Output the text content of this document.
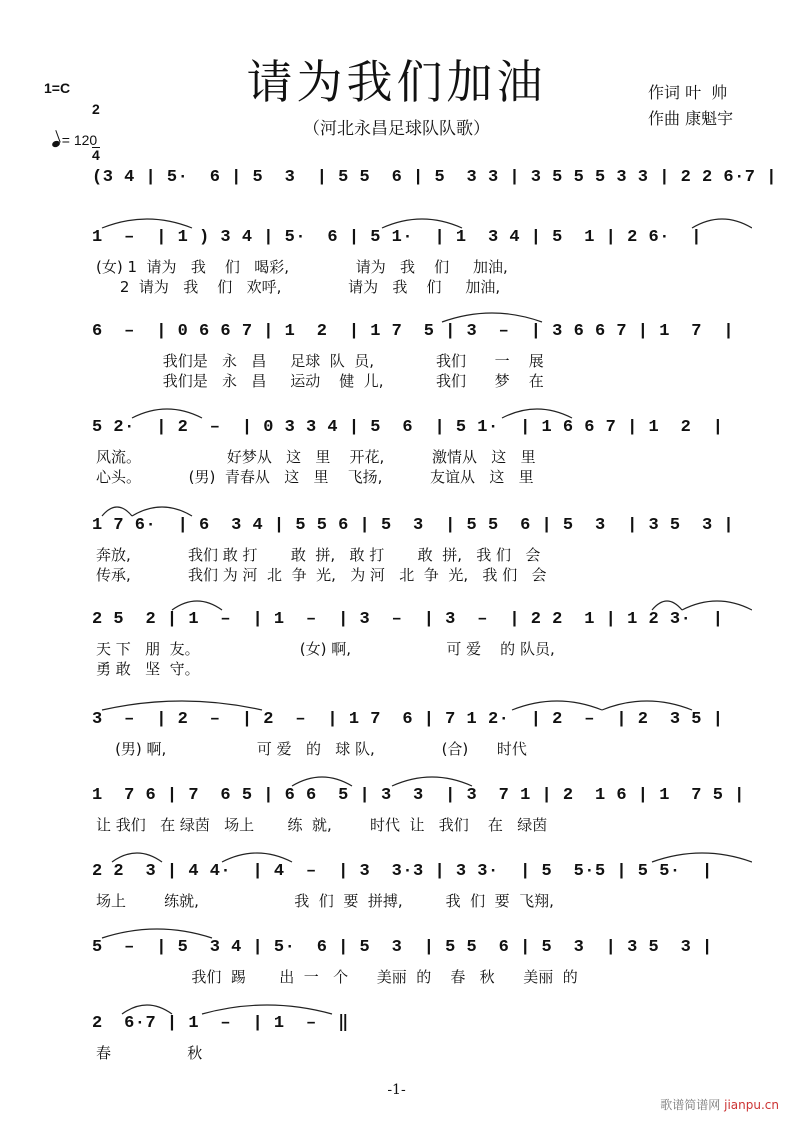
请为我们加油
（河北永昌足球队队歌）
1=C

2

4

= 120

作词 叶  帅
作曲 康魁宇
(3 4 | 5·  6 | 5  3  | 5 5  6 | 5  3 3 | 3 5 5 5 3 3 | 2 2 6·7 |
1  –  | 1 ) 3 4 | 5·  6 | 5 1·  | 1  3 4 | 5  1 | 2 6·  |
(女) 1  请为   我    们   喝彩,              请为   我    们     加油,
2  请为   我    们   欢呼,              请为   我    们     加油,
6  –  | 0 6 6 7 | 1  2  | 1 7  5 | 3  –  | 3 6 6 7 | 1  7  |
我们是   永   昌     足球  队  员,             我们      一    展
我们是   永   昌     运动    健  儿,           我们      梦    在
5 2·  | 2  –  | 0 3 3 4 | 5  6  | 5 1·  | 1 6 6 7 | 1  2  |
风流。                  好梦从   这   里    开花,          激情从   这   里
心头。          (男)  青春从   这   里    飞扬,          友谊从   这   里
1 7 6·  | 6  3 4 | 5 5 6 | 5  3  | 5 5  6 | 5  3  | 3 5  3 |
奔放,            我们 敢 打       敢  拼,   敢 打       敢  拼,   我 们   会
传承,            我们 为 河  北  争  光,   为 河   北  争  光,   我 们   会
2 5  2 | 1  –  | 1  –  | 3  –  | 3  –  | 2 2  1 | 1 2 3·  |
天 下   朋  友。                     (女) 啊,                    可 爱    的 队员,
勇 敢   坚  守。
3  –  | 2  –  | 2  –  | 1 7  6 | 7 1 2·  | 2  –  | 2  3 5 |
(男) 啊,                   可 爱   的   球 队,              (合)      时代
1  7 6 | 7  6 5 | 6 6  5 | 3  3  | 3  7 1 | 2  1 6 | 1  7 5 |
让 我们   在 绿茵   场上       练  就,        时代  让   我们    在   绿茵
2 2  3 | 4 4·  | 4  –  | 3  3·3 | 3 3·  | 5  5·5 | 5 5·  |
场上        练就,                    我  们  要  拼搏,         我  们  要  飞翔,
5  –  | 5  3 4 | 5·  6 | 5  3  | 5 5  6 | 5  3  | 3 5  3 |
我们  踢       出  一   个      美丽  的    春   秋      美丽  的
2  6·7 | 1  –  | 1  –  ‖
春                秋
-1-
歌谱简谱网 jianpu.cn
